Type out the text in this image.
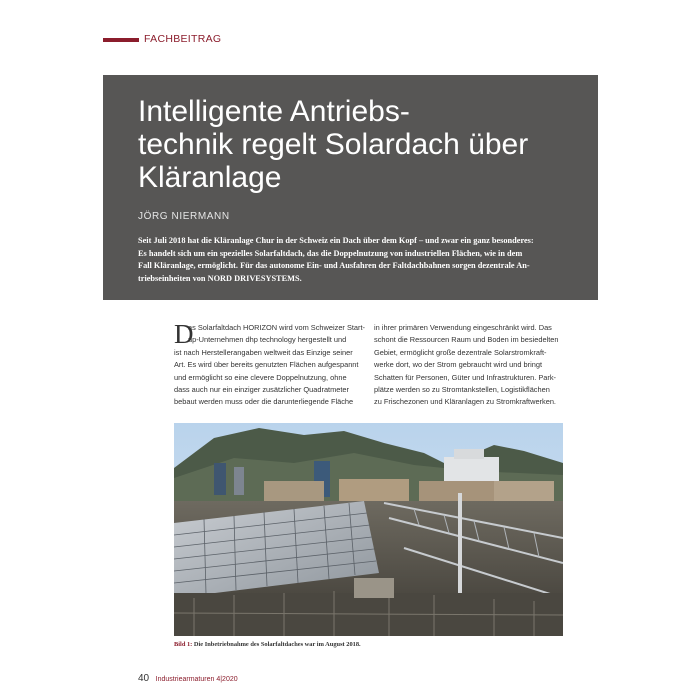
FACHBEITRAG
Intelligente Antriebs-
technik regelt Solardach über
Kläranlage
JÖRG NIERMANN
Seit Juli 2018 hat die Kläranlage Chur in der Schweiz ein Dach über dem Kopf – und zwar ein ganz besonderes:
Es handelt sich um ein spezielles Solarfaltdach, das die Doppelnutzung von industriellen Flächen, wie in dem
Fall Kläranlage, ermöglicht. Für das autonome Ein- und Ausfahren der Faltdachbahnen sorgen dezentrale An-
triebseinheiten von NORD DRIVESYSTEMS.
D
as Solarfaltdach HORIZON wird vom Schweizer Start-
up-Unternehmen dhp technology hergestellt und
ist nach Herstellerangaben weltweit das Einzige seiner
Art. Es wird über bereits genutzten Flächen aufgespannt
und ermöglicht so eine clevere Doppelnutzung, ohne
dass auch nur ein einziger zusätzlicher Quadratmeter
bebaut werden muss oder die darunterliegende Fläche
in ihrer primären Verwendung eingeschränkt wird. Das
schont die Ressourcen Raum und Boden im besiedelten
Gebiet, ermöglicht große dezentrale Solarstromkraft-
werke dort, wo der Strom gebraucht wird und bringt
Schatten für Personen, Güter und Infrastrukturen. Park-
plätze werden so zu Stromtankstellen, Logistikflächen
zu Frischezonen und Kläranlagen zu Stromkraftwerken.
Bild 1: Die Inbetriebnahme des Solarfaltdaches war im August 2018.
40 Industriearmaturen 4|2020
